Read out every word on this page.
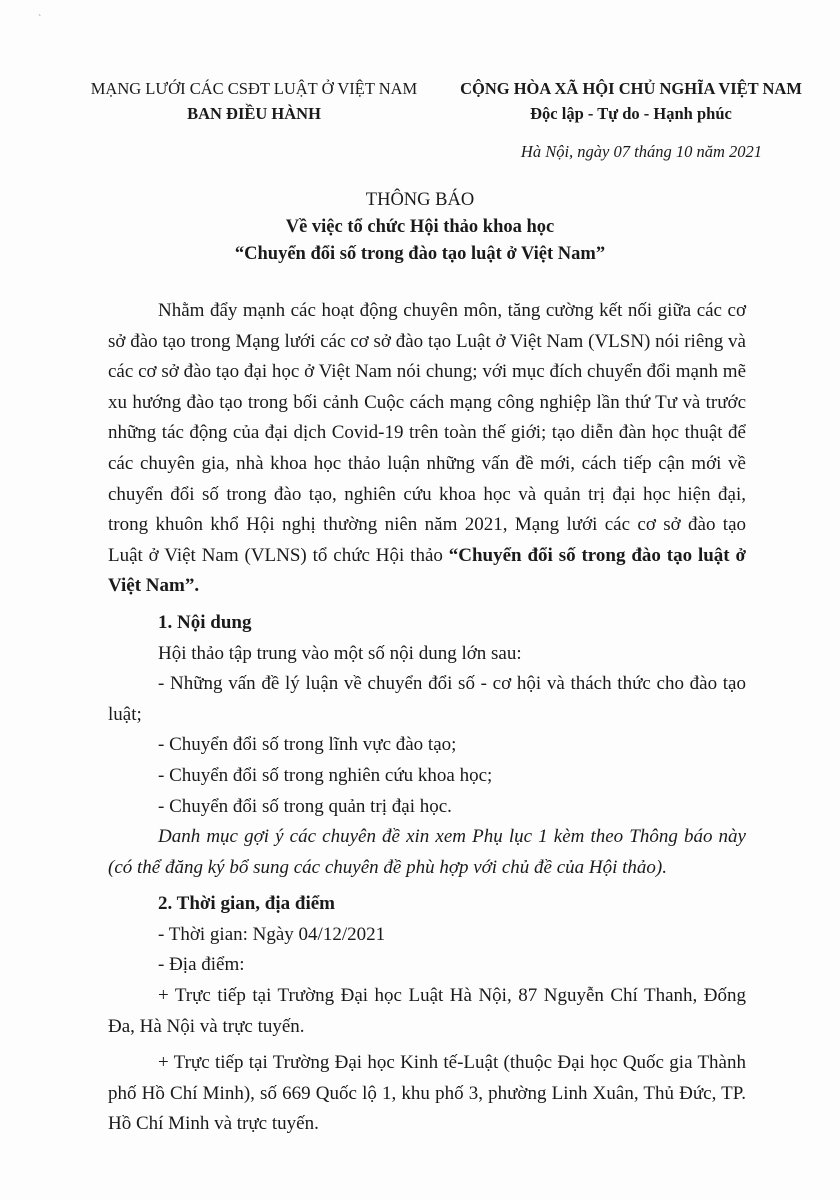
ˋ
MẠNG LƯỚI CÁC CSĐT LUẬT Ở VIỆT NAM
BAN ĐIỀU HÀNH
CỘNG HÒA XÃ HỘI CHỦ NGHĨA VIỆT NAM
Độc lập - Tự do - Hạnh phúc
Hà Nội, ngày 07 tháng 10 năm 2021
THÔNG BÁO
Về việc tổ chức Hội thảo khoa học
“Chuyển đổi số trong đào tạo luật ở Việt Nam”

Nhằm đẩy mạnh các hoạt động chuyên môn, tăng cường kết nối giữa các cơ sở đào tạo trong Mạng lưới các cơ sở đào tạo Luật ở Việt Nam (VLSN) nói riêng và các cơ sở đào tạo đại học ở Việt Nam nói chung; với mục đích chuyển đổi mạnh mẽ xu hướng đào tạo trong bối cảnh Cuộc cách mạng công nghiệp lần thứ Tư và trước những tác động của đại dịch Covid-19 trên toàn thế giới; tạo diễn đàn học thuật để các chuyên gia, nhà khoa học thảo luận những vấn đề mới, cách tiếp cận mới về chuyển đổi số trong đào tạo, nghiên cứu khoa học và quản trị đại học hiện đại, trong khuôn khổ Hội nghị thường niên năm 2021, Mạng lưới các cơ sở đào tạo Luật ở Việt Nam (VLNS) tổ chức Hội thảo “Chuyển đổi số trong đào tạo luật ở Việt Nam”.

1. Nội dung

Hội thảo tập trung vào một số nội dung lớn sau:

- Những vấn đề lý luận về chuyển đổi số - cơ hội và thách thức cho đào tạo luật;

- Chuyển đổi số trong lĩnh vực đào tạo;

- Chuyển đổi số trong nghiên cứu khoa học;

- Chuyển đổi số trong quản trị đại học.

Danh mục gợi ý các chuyên đề xin xem Phụ lục 1 kèm theo Thông báo này (có thể đăng ký bổ sung các chuyên đề phù hợp với chủ đề của Hội thảo).

2. Thời gian, địa điểm

- Thời gian: Ngày 04/12/2021

- Địa điểm:

+ Trực tiếp tại Trường Đại học Luật Hà Nội, 87 Nguyễn Chí Thanh, Đống Đa, Hà Nội và trực tuyến.

+ Trực tiếp tại Trường Đại học Kinh tế-Luật (thuộc Đại học Quốc gia Thành phố Hồ Chí Minh), số 669 Quốc lộ 1, khu phố 3, phường Linh Xuân, Thủ Đức, TP. Hồ Chí Minh và trực tuyến.
